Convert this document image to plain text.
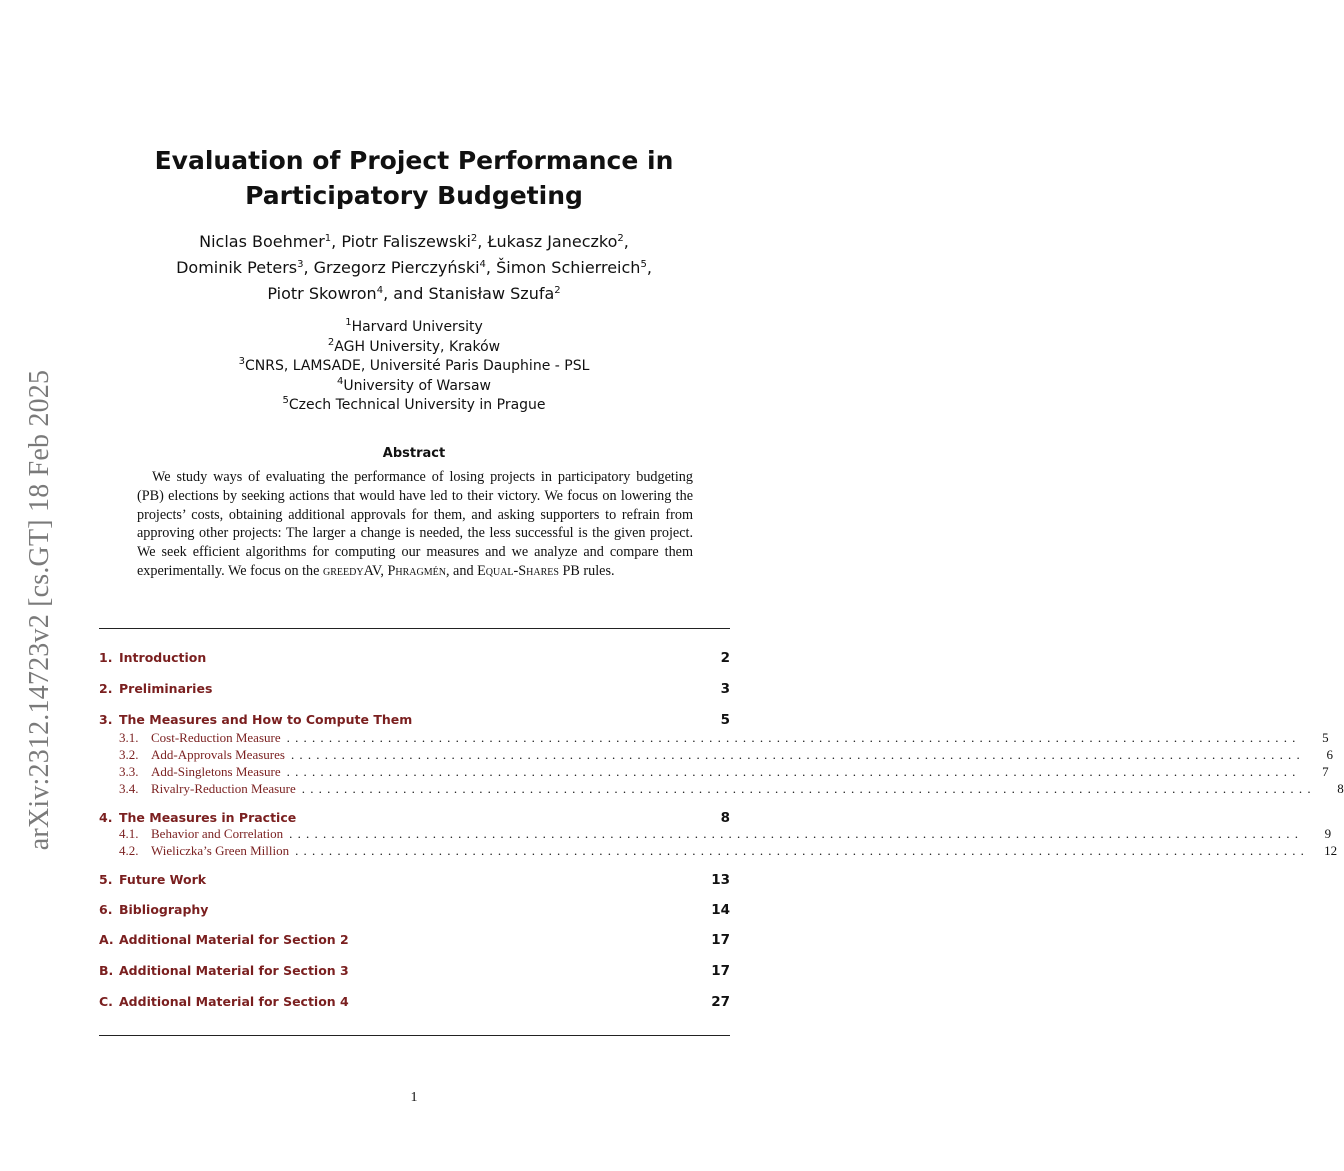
arXiv:2312.14723v2 [cs.GT] 18 Feb 2025
Evaluation of Project Performance in
Participatory Budgeting
Niclas Boehmer$^1$, Piotr Faliszewski$^2$, Łukasz Janeczko$^2$,
Dominik Peters$^3$, Grzegorz Pierczyński$^4$, Šimon Schierreich$^5$,
Piotr Skowron$^4$, and Stanisław Szufa$^2$
$^1$Harvard University
$^2$AGH University, Kraków
$^3$CNRS, LAMSADE, Université Paris Dauphine - PSL
$^4$University of Warsaw
$^5$Czech Technical University in Prague
Abstract
We study ways of evaluating the performance of losing projects in participatory budgeting (PB) elections by seeking actions that would have led to their victory. We focus on lowering the projects’ costs, obtaining additional approvals for them, and asking supporters to refrain from approving other projects: The larger a change is needed, the less successful is the given project. We seek efficient algorithms for computing our measures and we analyze and compare them experimentally. We focus on the greedyAV, Phragmén, and Equal-Shares PB rules.
1. Introduction	2
2. Preliminaries	3
3. The Measures and How to Compute Them	5
3.1. Cost-Reduction Measure ........................................................................................................................	5
3.2. Add-Approvals Measures ........................................................................................................................	6
3.3. Add-Singletons Measure ........................................................................................................................	7
3.4. Rivalry-Reduction Measure ........................................................................................................................	8
4. The Measures in Practice	8
4.1. Behavior and Correlation ........................................................................................................................	9
4.2. Wieliczka’s Green Million ........................................................................................................................	12
5. Future Work	13
6. Bibliography	14
A. Additional Material for Section 2	17
B. Additional Material for Section 3	17
C. Additional Material for Section 4	27
1
